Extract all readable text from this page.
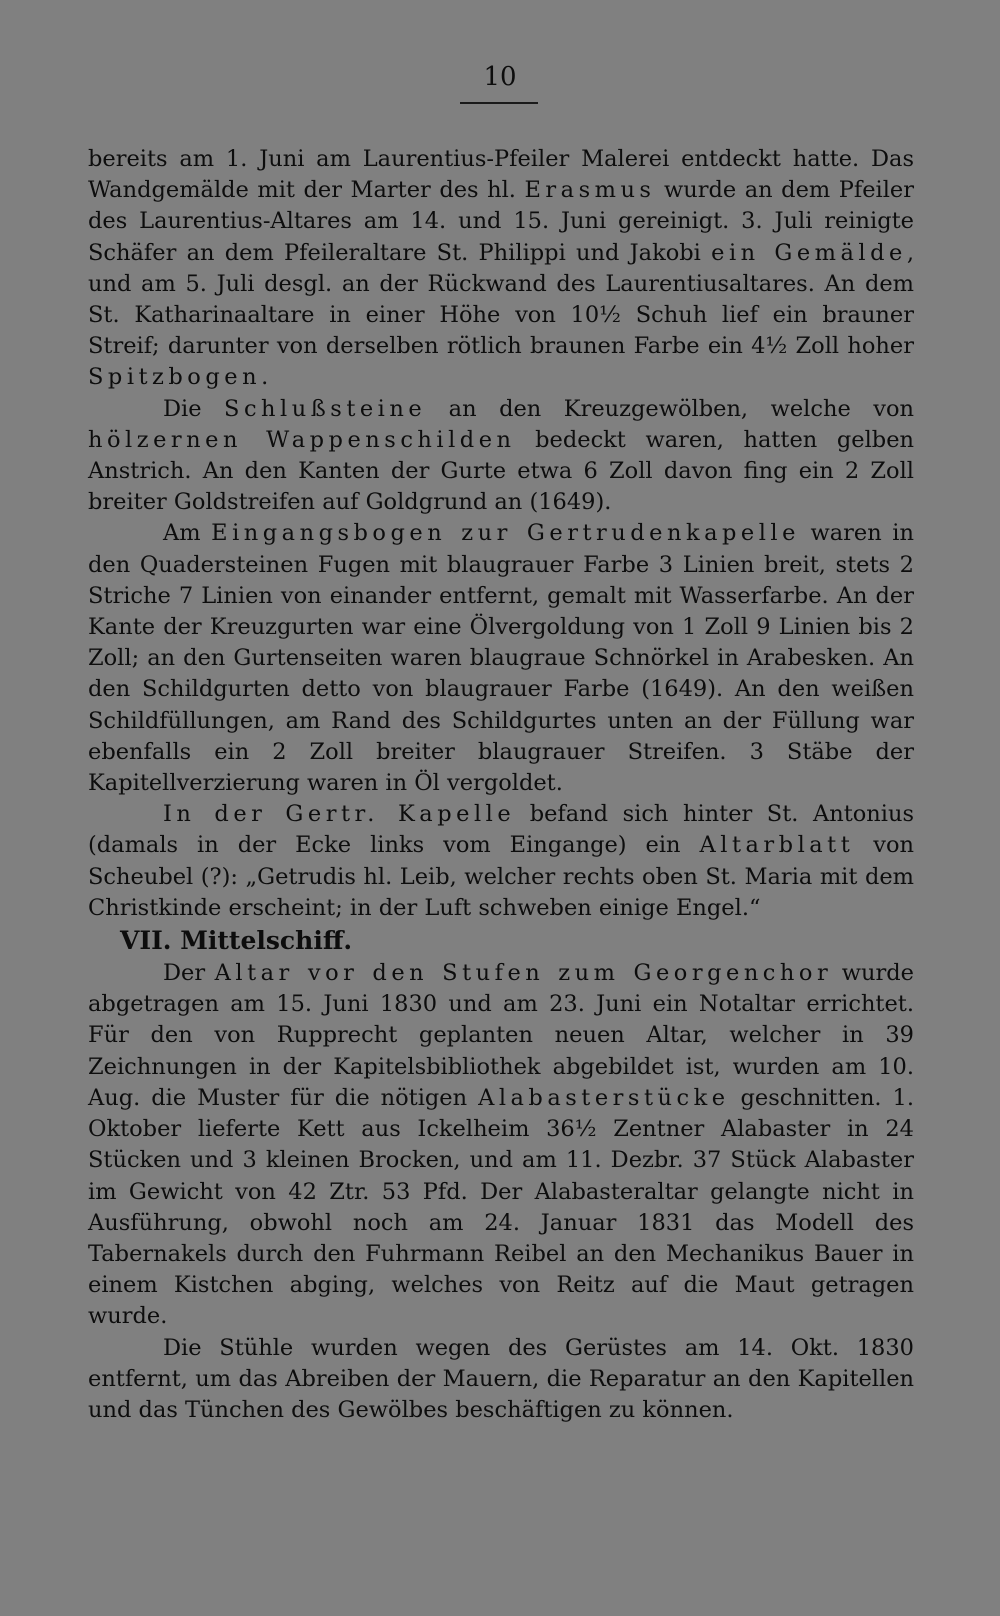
10

bereits am 1. Juni am Laurentius-Pfeiler Malerei entdeckt hatte. Das Wandgemälde mit der Marter des hl. Erasmus wurde an dem Pfeiler des Laurentius-Altares am 14. und 15. Juni gereinigt. 3. Juli reinigte Schäfer an dem Pfeileraltare St. Philippi und Jakobi ein Gemälde, und am 5. Juli desgl. an der Rückwand des Laurentiusaltares. An dem St. Katharinaaltare in einer Höhe von 10½ Schuh lief ein brauner Streif; darunter von derselben rötlich braunen Farbe ein 4½ Zoll hoher Spitzbogen.

Die Schlußsteine an den Kreuzgewölben, welche von hölzernen Wappenschilden bedeckt waren, hatten gelben Anstrich. An den Kanten der Gurte etwa 6 Zoll davon fing ein 2 Zoll breiter Goldstreifen auf Goldgrund an (1649).

Am Eingangsbogen zur Gertrudenkapelle waren in den Quadersteinen Fugen mit blaugrauer Farbe 3 Linien breit, stets 2 Striche 7 Linien von einander entfernt, gemalt mit Wasserfarbe. An der Kante der Kreuzgurten war eine Ölvergoldung von 1 Zoll 9 Linien bis 2 Zoll; an den Gurtenseiten waren blaugraue Schnörkel in Arabesken. An den Schildgurten detto von blaugrauer Farbe (1649). An den weißen Schildfüllungen, am Rand des Schildgurtes unten an der Füllung war ebenfalls ein 2 Zoll breiter blaugrauer Streifen. 3 Stäbe der Kapitellverzierung waren in Öl vergoldet.

In der Gertr. Kapelle befand sich hinter St. Antonius (damals in der Ecke links vom Eingange) ein Altarblatt von Scheubel (?): „Getrudis hl. Leib, welcher rechts oben St. Maria mit dem Christkinde erscheint; in der Luft schweben einige Engel.“

VII. Mittelschiff.

Der Altar vor den Stufen zum Georgenchor wurde abgetragen am 15. Juni 1830 und am 23. Juni ein Notaltar errichtet. Für den von Rupprecht geplanten neuen Altar, welcher in 39 Zeichnungen in der Kapitelsbibliothek abgebildet ist, wurden am 10. Aug. die Muster für die nötigen Alabasterstücke geschnitten. 1. Oktober lieferte Kett aus Ickelheim 36½ Zentner Alabaster in 24 Stücken und 3 kleinen Brocken, und am 11. Dezbr. 37 Stück Alabaster im Gewicht von 42 Ztr. 53 Pfd. Der Alabasteraltar gelangte nicht in Ausführung, obwohl noch am 24. Januar 1831 das Modell des Tabernakels durch den Fuhrmann Reibel an den Mechanikus Bauer in einem Kistchen abging, welches von Reitz auf die Maut getragen wurde.

Die Stühle wurden wegen des Gerüstes am 14. Okt. 1830 entfernt, um das Abreiben der Mauern, die Reparatur an den Kapitellen und das Tünchen des Gewölbes beschäftigen zu können.
